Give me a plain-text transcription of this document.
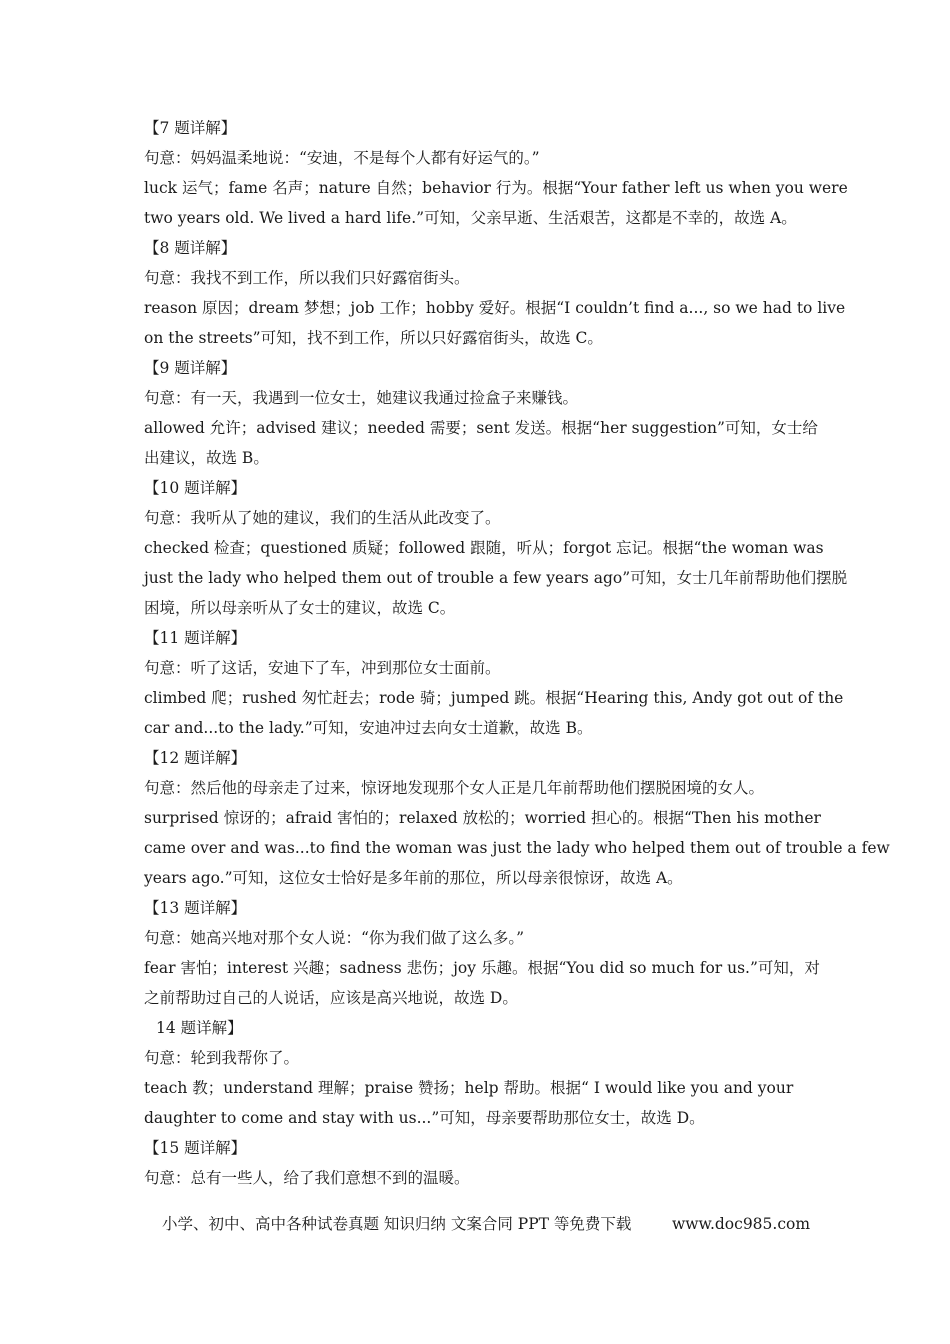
【7 题详解】
句意：妈妈温柔地说：“安迪，不是每个人都有好运气的。”
luck 运气；fame 名声；nature 自然；behavior 行为。根据“Your father left us when you were
two years old. We lived a hard life.”可知，父亲早逝、生活艰苦，这都是不幸的，故选 A。
【8 题详解】
句意：我找不到工作，所以我们只好露宿街头。
reason 原因；dream 梦想；job 工作；hobby 爱好。根据“I couldn’t find a..., so we had to live
on the streets”可知，找不到工作，所以只好露宿街头，故选 C。
【9 题详解】
句意：有一天，我遇到一位女士，她建议我通过捡盒子来赚钱。
allowed 允许；advised 建议；needed 需要；sent 发送。根据“her suggestion”可知，女士给
出建议，故选 B。
【10 题详解】
句意：我听从了她的建议，我们的生活从此改变了。
checked 检查；questioned 质疑；followed 跟随，听从；forgot 忘记。根据“the woman was
just the lady who helped them out of trouble a few years ago”可知，女士几年前帮助他们摆脱
困境，所以母亲听从了女士的建议，故选 C。
【11 题详解】
句意：听了这话，安迪下了车，冲到那位女士面前。
climbed 爬；rushed 匆忙赶去；rode 骑；jumped 跳。根据“Hearing this, Andy got out of the
car and...to the lady.”可知，安迪冲过去向女士道歉，故选 B。
【12 题详解】
句意：然后他的母亲走了过来，惊讶地发现那个女人正是几年前帮助他们摆脱困境的女人。
surprised 惊讶的；afraid 害怕的；relaxed 放松的；worried 担心的。根据“Then his mother
came over and was...to find the woman was just the lady who helped them out of trouble a few
years ago.”可知，这位女士恰好是多年前的那位，所以母亲很惊讶，故选 A。
【13 题详解】
句意：她高兴地对那个女人说：“你为我们做了这么多。”
fear 害怕；interest 兴趣；sadness 悲伤；joy 乐趣。根据“You did so much for us.”可知，对
之前帮助过自己的人说话，应该是高兴地说，故选 D。
14 题详解】
句意：轮到我帮你了。
teach 教；understand 理解；praise 赞扬；help 帮助。根据“ I would like you and your
daughter to come and stay with us...”可知，母亲要帮助那位女士，故选 D。
【15 题详解】
句意：总有一些人，给了我们意想不到的温暖。
小学、初中、高中各种试卷真题 知识归纳 文案合同 PPT 等免费下载	www.doc985.com
